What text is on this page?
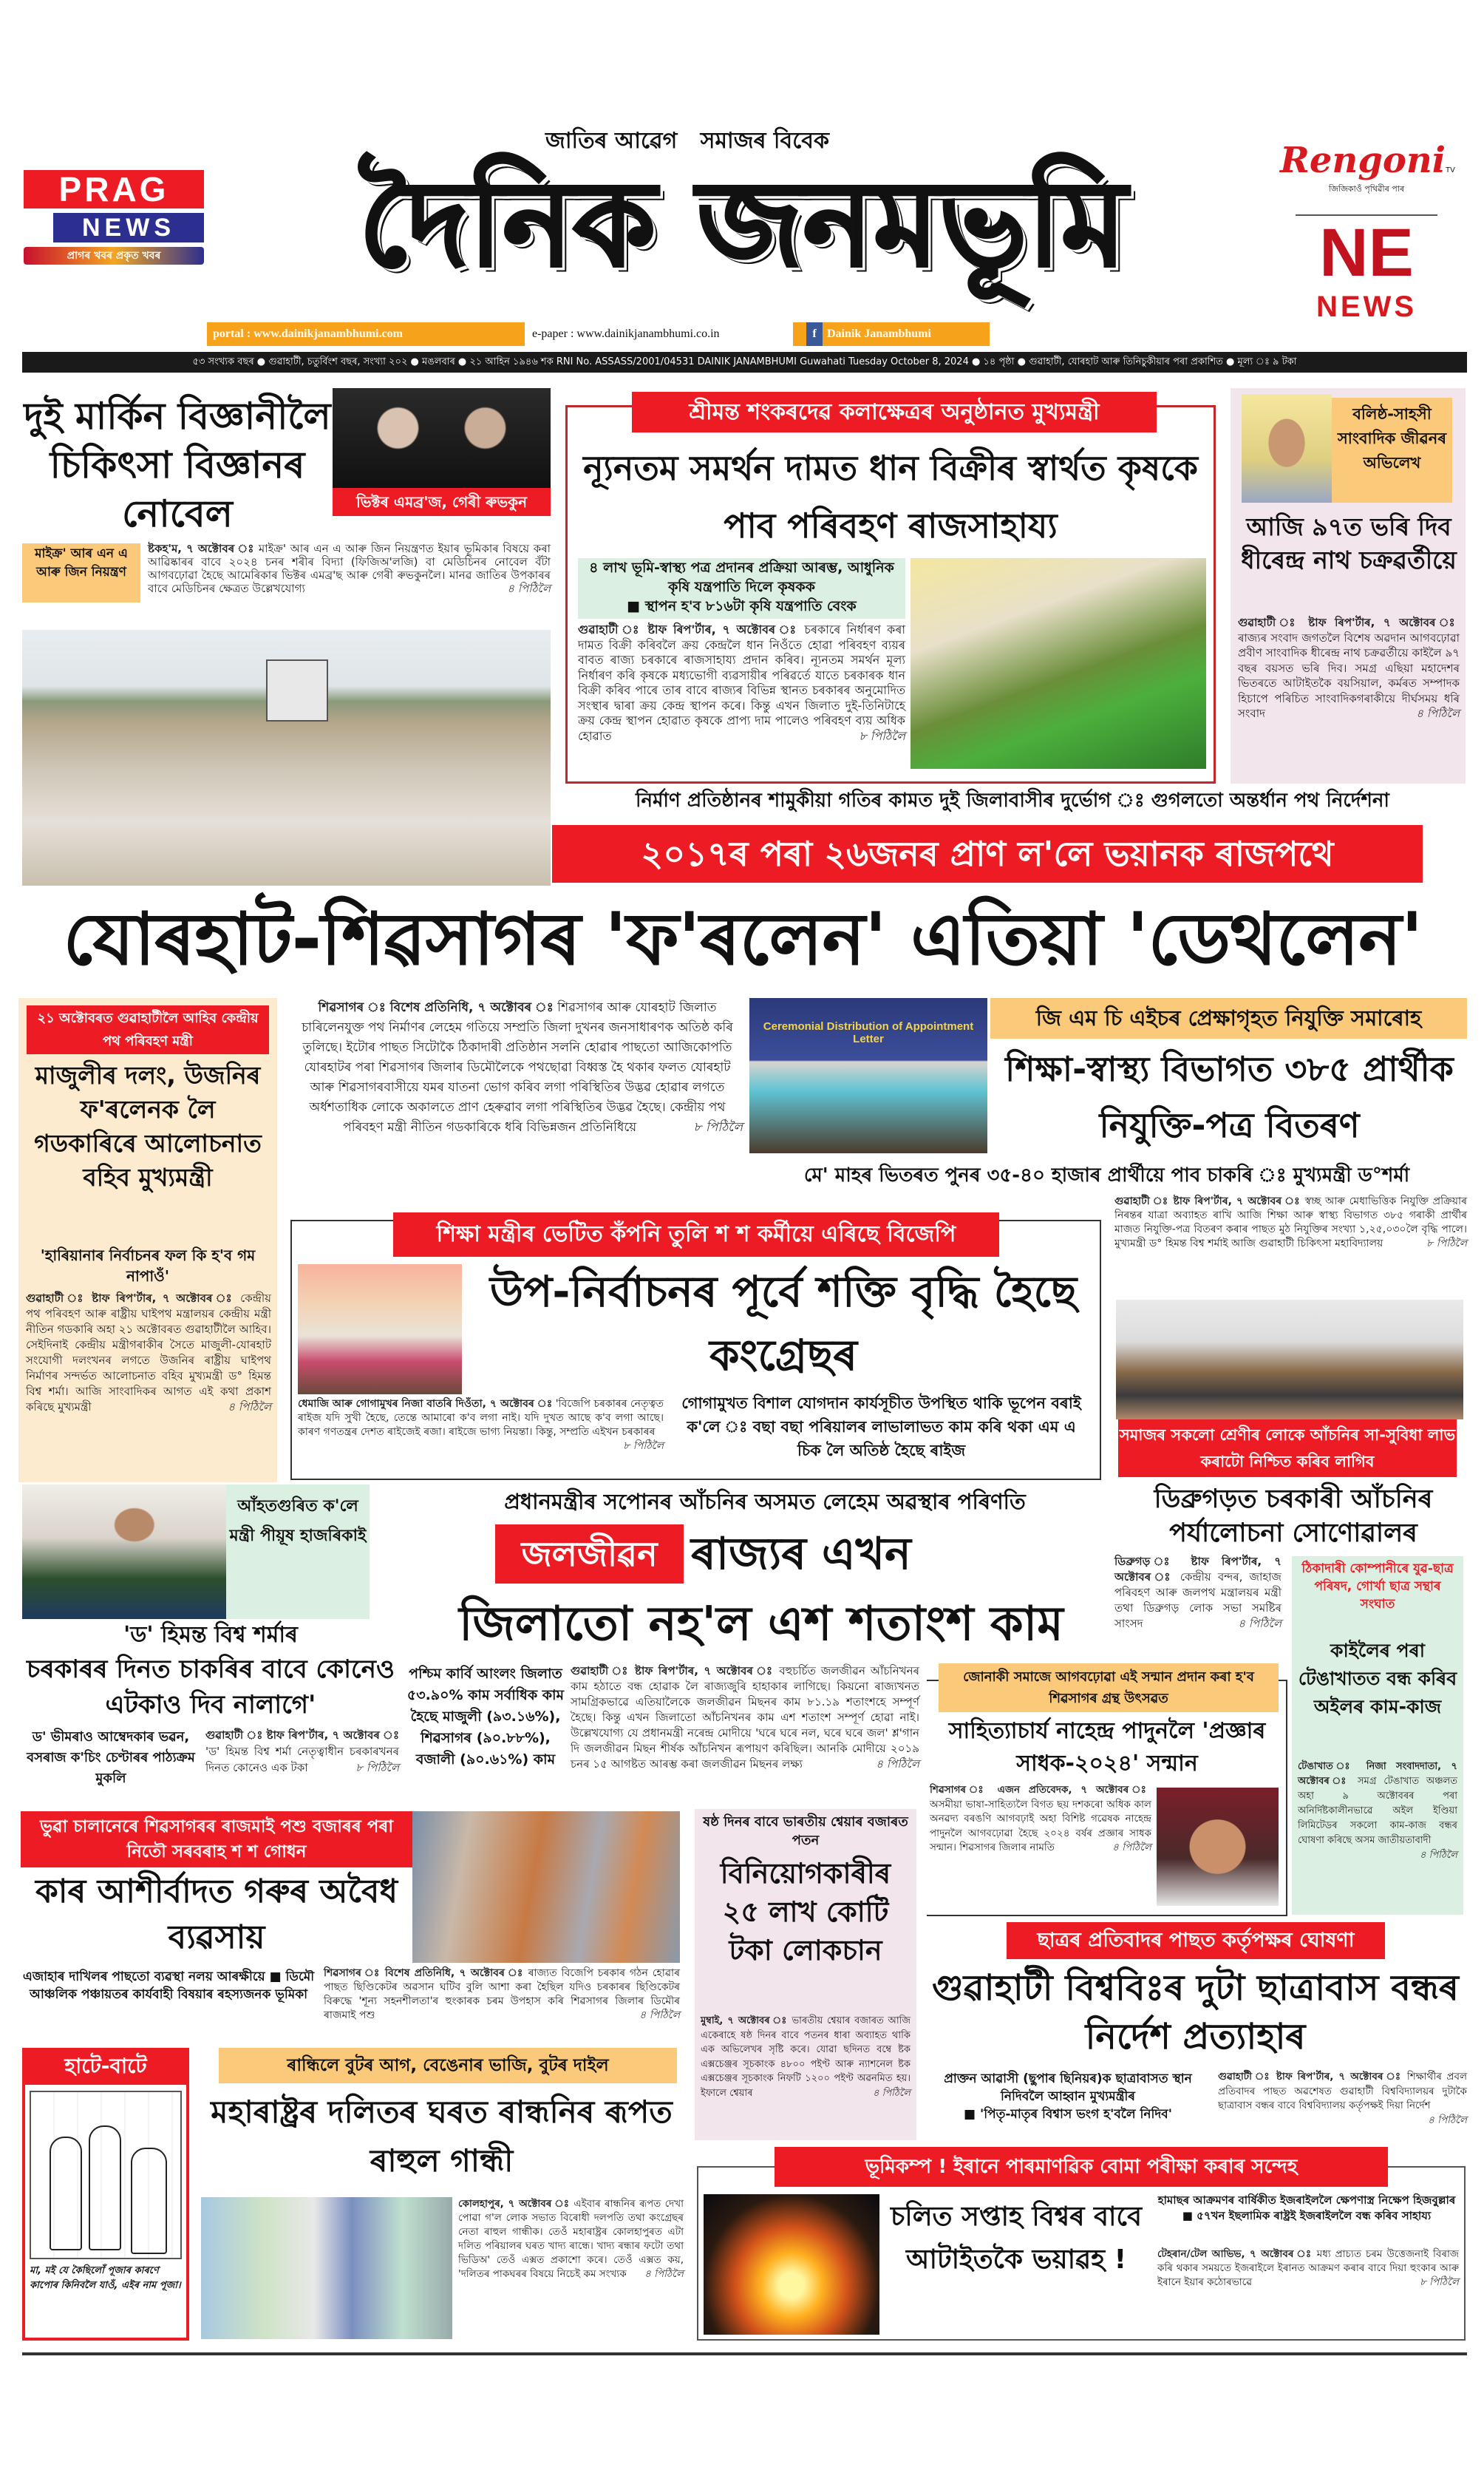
PRAG
NEWS
প্ৰাগৰ খবৰ প্ৰকৃত খবৰ
জাতিৰ আৱেগ   সমাজৰ বিবেক
দৈনিক জনমভূমি
portal : www.dainikjanambhumi.com	e-paper : www.dainikjanambhumi.co.in	f Dainik Janambhumi
RengoniTV
জিজিকাওঁ পৃথিৱীৰ পাৰ
NE
NEWS
৫৩ সংখ্যক বছৰ ● গুৱাহাটী, চতুৰ্বিংশ বছৰ, সংখ্যা ২০২ ● মঙলবাৰ ● ২১ আহিন ১৯৪৬ শক RNI No. ASSASS/2001/04531 DAINIK JANAMBHUMI Guwahati Tuesday October 8, 2024 ● ১৪ পৃষ্ঠা ● গুৱাহাটী, যোৰহাট আৰু তিনিচুকীয়াৰ পৰা প্ৰকাশিত ● মূল্য ঃ ৯ টকা
দুই মাৰ্কিন বিজ্ঞানীলৈ চিকিৎসা বিজ্ঞানৰ নোবেল	ভিক্টৰ এমব্ৰ'জ, গেৰী ৰুভকুন
মাইক্ৰ' আৰ এন এ আৰু জিন নিয়ন্ত্ৰণ
ষ্টকহ'ম, ৭ অক্টোবৰ ঃ মাইক্ৰ' আৰ এন এ আৰু জিন নিয়ন্ত্ৰণত ইয়াৰ ভূমিকাৰ বিষয়ে কৰা আৱিষ্কাৰৰ বাবে ২০২৪ চনৰ শৰীৰ বিদ্যা (ফিজিঅ'লজি) বা মেডিচিনৰ নোবেল বঁটা আগবঢ়োৱা হৈছে আমেৰিকাৰ ভিক্টৰ এমব্ৰ'ছ আৰু গেৰী ৰুভকুনলৈ। মানৱ জাতিৰ উপকাৰৰ বাবে মেডিচিনৰ ক্ষেত্ৰত উল্লেখযোগ্য	৪ পিঠিলৈ
শ্ৰীমন্ত শংকৰদেৱ কলাক্ষেত্ৰৰ অনুষ্ঠানত মুখ্যমন্ত্ৰী
ন্যূনতম সমৰ্থন দামত ধান বিক্ৰীৰ স্বাৰ্থত কৃষকে পাব পৰিবহণ ৰাজসাহায্য
৪ লাখ ভূমি-স্বাস্থ্য পত্ৰ প্ৰদানৰ প্ৰক্ৰিয়া আৰম্ভ, আধুনিক কৃষি যন্ত্ৰপাতি দিলে কৃষকক
■ স্থাপন হ'ব ৮১৬টা কৃষি যন্ত্ৰপাতি বেংক
গুৱাহাটী ঃ ষ্টাফ ৰিপ'ৰ্টাৰ, ৭ অক্টোবৰ ঃ চৰকাৰে নিৰ্ধাৰণ কৰা দামত বিক্ৰী কৰিবলৈ ক্ৰয় কেন্দ্ৰলৈ ধান নিওঁতে হোৱা পৰিবহণ ব্যয়ৰ বাবত ৰাজ্য চৰকাৰে ৰাজসাহায্য প্ৰদান কৰিব। ন্যূনতম সমৰ্থন মূল্য নিৰ্ধাৰণ কৰি কৃষকে মধ্যভোগী ব্যৱসায়ীৰ পৰিৱৰ্তে যাতে চৰকাৰক ধান বিক্ৰী কৰিব পাৰে তাৰ বাবে ৰাজ্যৰ বিভিন্ন স্থানত চৰকাৰৰ অনুমোদিত সংস্থাৰ দ্বাৰা ক্ৰয় কেন্দ্ৰ স্থাপন কৰে। কিন্তু এখন জিলাত দুই-তিনিটাহে ক্ৰয় কেন্দ্ৰ স্থাপন হোৱাত কৃষকে প্ৰাপ্য দাম পালেও পৰিবহণ ব্যয় অধিক হোৱাত	৮ পিঠিলৈ
বলিষ্ঠ-সাহসী সাংবাদিক জীৱনৰ অভিলেখ
আজি ৯৭ত ভৰি দিব ধীৰেন্দ্ৰ নাথ চক্ৰৱৰ্তীয়ে
গুৱাহাটী ঃ ষ্টাফ ৰিপ'ৰ্টাৰ, ৭ অক্টোবৰ ঃ ৰাজ্যৰ সংবাদ জগতলৈ বিশেষ অৱদান আগবঢ়োৱা প্ৰবীণ সাংবাদিক ধীৰেন্দ্ৰ নাথ চক্ৰৱৰ্তীয়ে কাইলৈ ৯৭ বছৰ বয়সত ভৰি দিব। সমগ্ৰ এছিয়া মহাদেশৰ ভিতৰতে আটাইতকৈ বয়সিয়াল, কৰ্মৰত সম্পাদক হিচাপে পৰিচিত সাংবাদিকগৰাকীয়ে দীৰ্ঘসময় ধৰি সংবাদ	৪ পিঠিলৈ
নিৰ্মাণ প্ৰতিষ্ঠানৰ শামুকীয়া গতিৰ কামত দুই জিলাবাসীৰ দুৰ্ভোগ ঃ গুগলতো অন্তৰ্ধান পথ নিৰ্দেশনা
২০১৭ৰ পৰা ২৬জনৰ প্ৰাণ ল'লে ভয়ানক ৰাজপথে
যোৰহাট-শিৱসাগৰ 'ফ'ৰলেন' এতিয়া 'ডেথলেন'
২১ অক্টোবৰত গুৱাহাটীলৈ আহিব কেন্দ্ৰীয় পথ পৰিবহণ মন্ত্ৰী
মাজুলীৰ দলং, উজনিৰ ফ'ৰলেনক লৈ গডকাৰিৰে আলোচনাত বহিব মুখ্যমন্ত্ৰী
'হাৰিয়ানাৰ নিৰ্বাচনৰ ফল কি হ'ব গম নাপাওঁ'
গুৱাহাটী ঃ ষ্টাফ ৰিপ'ৰ্টাৰ, ৭ অক্টোবৰ ঃ কেন্দ্ৰীয় পথ পৰিবহণ আৰু ৰাষ্ট্ৰীয় ঘাইপথ মন্ত্ৰালয়ৰ কেন্দ্ৰীয় মন্ত্ৰী নীতিন গডকাৰি অহা ২১ অক্টোবৰত গুৱাহাটীলৈ আহিব। সেইদিনাই কেন্দ্ৰীয় মন্ত্ৰীগৰাকীৰ সৈতে মাজুলী-যোৰহাট সংযোগী দলংখনৰ লগতে উজনিৰ ৰাষ্ট্ৰীয় ঘাইপথ নিৰ্মাণৰ সন্দৰ্ভত আলোচনাত বহিব মুখ্যমন্ত্ৰী ড° হিমন্ত বিশ্ব শৰ্মা। আজি সাংবাদিকৰ আগত এই কথা প্ৰকাশ কৰিছে মুখ্যমন্ত্ৰী	৪ পিঠিলৈ
শিৱসাগৰ ঃ বিশেষ প্ৰতিনিধি, ৭ অক্টোবৰ ঃ শিৱসাগৰ আৰু যোৰহাট জিলাত চাৰিলেনযুক্ত পথ নিৰ্মাণৰ লেহেম গতিয়ে সম্প্ৰতি জিলা দুখনৰ জনসাধাৰণক অতিষ্ঠ কৰি তুলিছে। ইটোৰ পাছত সিটোকৈ ঠিকাদাৰী প্ৰতিষ্ঠান সলনি হোৱাৰ পাছতো আজিকোপতি যোৰহাটৰ পৰা শিৱসাগৰ জিলাৰ ডিমৌলৈকে পথছোৱা বিধ্বস্ত হৈ থকাৰ ফলত যোৰহাট আৰু শিৱসাগৰবাসীয়ে যমৰ যাতনা ভোগ কৰিব লগা পৰিস্থিতিৰ উদ্ভৱ হোৱাৰ লগতে অৰ্ধশতাধিক লোকে অকালতে প্ৰাণ হেৰুৱাব লগা পৰিস্থিতিৰ উদ্ভৱ হৈছে। কেন্দ্ৰীয় পথ পৰিবহণ মন্ত্ৰী নীতিন গডকাৰিকে ধৰি বিভিন্নজন প্ৰতিনিধিয়ে	৮ পিঠিলৈ
Ceremonial Distribution of Appointment Letter
জি এম চি এইচৰ প্ৰেক্ষাগৃহত নিযুক্তি সমাৰোহ
শিক্ষা-স্বাস্থ্য বিভাগত ৩৮৫ প্ৰাৰ্থীক নিযুক্তি-পত্ৰ বিতৰণ
মে' মাহৰ ভিতৰত পুনৰ ৩৫-৪০ হাজাৰ প্ৰাৰ্থীয়ে পাব চাকৰি ঃ মুখ্যমন্ত্ৰী ড°শৰ্মা
গুৱাহাটী ঃ ষ্টাফ ৰিপ'ৰ্টাৰ, ৭ অক্টোবৰ ঃ স্বচ্ছ আৰু মেধাভিত্তিক নিযুক্তি প্ৰক্ৰিয়াৰ নিৰন্তৰ যাত্ৰা অব্যাহত ৰাখি আজি শিক্ষা আৰু স্বাস্থ্য বিভাগত ৩৮৫ গৰাকী প্ৰাৰ্থীৰ মাজত নিযুক্তি-পত্ৰ বিতৰণ কৰাৰ পাছত মুঠ নিযুক্তিৰ সংখ্যা ১,২৫,০৩০লৈ বৃদ্ধি পালে। মুখ্যমন্ত্ৰী ড° হিমন্ত বিশ্ব শৰ্মাই আজি গুৱাহাটী চিকিৎসা মহাবিদ্যালয়	৮ পিঠিলৈ
শিক্ষা মন্ত্ৰীৰ ভেটিত কঁপনি তুলি শ শ কৰ্মীয়ে এৰিছে বিজেপি
উপ-নিৰ্বাচনৰ পূৰ্বে শক্তি বৃদ্ধি হৈছে কংগ্ৰেছৰ
ধেমাজি আৰু গোগামুখৰ নিজা বাতৰি দিওঁতা, ৭ অক্টোবৰ ঃ 'বিজেপি চৰকাৰৰ নেতৃত্বত ৰাইজ যদি সুখী হৈছে, তেন্তে আমাৰো ক'ব লগা নাই। যদি দুখত আছে ক'ব লগা আছে। কাৰণ গণতন্ত্ৰৰ দেশত ৰাইজেই ৰজা। ৰাইজে ভাগ্য নিয়ন্তা। কিন্তু, সম্প্ৰতি এইখন চৰকাৰৰ
৮ পিঠিলৈ
গোগামুখত বিশাল যোগদান কাৰ্যসূচীত উপস্থিত থাকি ভূপেন বৰাই ক'লে ঃ বছা বছা পৰিয়ালৰ লাভালাভত কাম কৰি থকা এম এ চিক লৈ অতিষ্ঠ হৈছে ৰাইজ
সমাজৰ সকলো শ্ৰেণীৰ লোকে আঁচনিৰ সা-সুবিধা লাভ কৰাটো নিশ্চিত কৰিব লাগিব
আঁহতগুৰিত ক'লে মন্ত্ৰী পীয়ূষ হাজৰিকাই
'ড' হিমন্ত বিশ্ব শৰ্মাৰ
চৰকাৰৰ দিনত চাকৰিৰ বাবে কোনেও এটকাও দিব নালাগে'
ড' ভীমৰাও আম্বেদকাৰ ভৱন, বসৰাজ ক'চিং চেণ্টাৰৰ পাঠ্যক্ৰম মুকলি
গুৱাহাটী ঃ ষ্টাফ ৰিপ'ৰ্টাৰ, ৭ অক্টোবৰ ঃ 'ড' হিমন্ত বিশ্ব শৰ্মা নেতৃত্বাধীন চৰকাৰখনৰ দিনত কোনেও এক টকা	৮ পিঠিলৈ
প্ৰধানমন্ত্ৰীৰ সপোনৰ আঁচনিৰ অসমত লেহেম অৱস্থাৰ পৰিণতি
জলজীৱন ৰাজ্যৰ এখন
জিলাতো নহ'ল এশ শতাংশ কাম
পশ্চিম কাৰ্বি আংলং জিলাত ৫৩.৯০% কাম সৰ্বাধিক কাম হৈছে মাজুলী (৯৩.১৬%), শিৱসাগৰ (৯০.৮৮%), বজালী (৯০.৬১%) কাম
গুৱাহাটী ঃ ষ্টাফ ৰিপ'ৰ্টাৰ, ৭ অক্টোবৰ ঃ বহুচৰ্চিত জলজীৱন আঁচনিখনৰ কাম হঠাতে বন্ধ হোৱাক লৈ ৰাজ্যজুৰি হাহাকাৰ লাগিছে। কিয়নো ৰাজ্যখনত সামগ্ৰিকভাৱে এতিয়ালৈকে জলজীৱন মিছনৰ কাম ৮১.১৯ শতাংশহে সম্পূৰ্ণ হৈছে। কিন্তু এখন জিলাতো আঁচনিখনৰ কাম এশ শতাংশ সম্পূৰ্ণ হোৱা নাই। উল্লেখযোগ্য যে প্ৰধানমন্ত্ৰী নৰেন্দ্ৰ মোদীয়ে 'ঘৰে ঘৰে নল, ঘৰে ঘৰে জল' শ্ল'গান দি জলজীৱন মিছন শীৰ্ষক আঁচনিখন ৰূপায়ণ কৰিছিল। আনকি মোদীয়ে ২০১৯ চনৰ ১৫ আগষ্টত আৰম্ভ কৰা জলজীৱন মিছনৰ লক্ষ্য	৪ পিঠিলৈ
ডিব্ৰুগড়ত চৰকাৰী আঁচনিৰ পৰ্যালোচনা সোণোৱালৰ
ডিব্ৰুগড় ঃ ষ্টাফ ৰিপ'ৰ্টাৰ, ৭ অক্টোবৰ ঃ কেন্দ্ৰীয় বন্দৰ, জাহাজ পৰিবহণ আৰু জলপথ মন্ত্ৰালয়ৰ মন্ত্ৰী তথা ডিব্ৰুগড় লোক সভা সমষ্টিৰ সাংসদ	৪ পিঠিলৈ
ঠিকাদাৰী কোম্পানীৰে যুৱ-ছাত্ৰ পৰিষদ, গোৰ্খা ছাত্ৰ সন্থাৰ সংঘাত
কাইলৈৰ পৰা টেঙাখাতত বন্ধ কৰিব অইলৰ কাম-কাজ
টেঙাখাত ঃ নিজা সংবাদদাতা, ৭ অক্টোবৰ ঃ সমগ্ৰ টেঙাখাত অঞ্চলত অহা ৯ অক্টোবৰৰ পৰা অনিৰ্দিষ্টকালীনভাৱে অইল ইণ্ডিয়া লিমিটেডৰ সকলো কাম-কাজ বন্ধৰ ঘোষণা কৰিছে অসম জাতীয়তাবাদী
৪ পিঠিলৈ
জোনাকী সমাজে আগবঢ়োৱা এই সন্মান প্ৰদান কৰা হ'ব শিৱসাগৰ গ্ৰন্থ উৎসৱত
সাহিত্যাচাৰ্য নাহেন্দ্ৰ পাদুনলৈ 'প্ৰজ্ঞাৰ সাধক-২০২৪' সন্মান
শিৱসাগৰ ঃ এজন প্ৰতিবেদক, ৭ অক্টোবৰ ঃ অসমীয়া ভাষা-সাহিত্যলৈ বিগত ছয় দশকৰো অধিক কাল অনৱদ্য বৰঙণি আগবঢ়াই অহা বিশিষ্ট গৱেষক নাহেন্দ্ৰ পাদুনলৈ আগবঢ়োৱা হৈছে ২০২৪ বৰ্ষৰ প্ৰজ্ঞাৰ সাধক সন্মান। শিৱসাগৰ জিলাৰ নামতি	৪ পিঠিলৈ
ভুৱা চালানেৰে শিৱসাগৰৰ ৰাজমাই পশু বজাৰৰ পৰা নিতৌ সৰবৰাহ শ শ গোধন
কাৰ আশীৰ্বাদত গৰুৰ অবৈধ ব্যৱসায়
এজাহাৰ দাখিলৰ পাছতো ব্যৱস্থা নলয় আৰক্ষীয়ে ■ ডিমৌ আঞ্চলিক পঞ্চায়তৰ কাৰ্যবাহী বিষয়াৰ ৰহস্যজনক ভূমিকা
শিৱসাগৰ ঃ বিশেষ প্ৰতিনিধি, ৭ অক্টোবৰ ঃ ৰাজ্যত বিজেপি চৰকাৰ গঠন হোৱাৰ পাছত ছিণ্ডিকেটৰ অৱসান ঘটিব বুলি আশা কৰা হৈছিল যদিও চৰকাৰৰ ছিণ্ডিকেটৰ বিৰুদ্ধে 'শূন্য সহনশীলতা'ৰ হুংকাৰক চৰম উপহাস কৰি শিৱসাগৰ জিলাৰ ডিমৌৰ ৰাজমাই পশু	৪ পিঠিলৈ
ষষ্ঠ দিনৰ বাবে ভাৰতীয় শ্বেয়াৰ বজাৰত পতন
বিনিয়োগকাৰীৰ ২৫ লাখ কোটি টকা লোকচান
মুম্বাই, ৭ অক্টোবৰ ঃ ভাৰতীয় শ্বেয়াৰ বজাৰত আজি একেৰাহে ষষ্ঠ দিনৰ বাবে পতনৰ ধাৰা অব্যাহত থাকি এক অভিলেখৰ সৃষ্টি কৰে। যোৱা ছদিনত বম্বে ষ্টক এক্সচেঞ্জৰ সূচকাংক ৪৮০০ পইণ্ট আৰু ন্যাশনেল ষ্টক এক্সচেঞ্জৰ সূচকাংক নিফটি ১২০০ পইণ্ট অৱনমিত হয়। ইফালে শ্বেয়াৰ	৪ পিঠিলৈ
ছাত্ৰৰ প্ৰতিবাদৰ পাছত কৰ্তৃপক্ষৰ ঘোষণা
গুৱাহাটী বিশ্ববিঃৰ দুটা ছাত্ৰাবাস বন্ধৰ নিৰ্দেশ প্ৰত্যাহাৰ
প্ৰাক্তন আৱাসী (ছুপাৰ ছিনিয়ৰ)ক ছাত্ৰাবাসত স্থান নিদিবলৈ আহ্বান মুখ্যমন্ত্ৰীৰ
■ 'পিতৃ-মাতৃৰ বিশ্বাস ভংগ হ'বলৈ নিদিব'
গুৱাহাটী ঃ ষ্টাফ ৰিপ'ৰ্টাৰ, ৭ অক্টোবৰ ঃ শিক্ষাৰ্থীৰ প্ৰবল প্ৰতিবাদৰ পাছত অৱশেষত গুৱাহাটী বিশ্ববিদ্যালয়ৰ দুটাকৈ ছাত্ৰাবাস বন্ধৰ বাবে বিশ্ববিদ্যালয় কৰ্তৃপক্ষই দিয়া নিৰ্দেশ
৪ পিঠিলৈ
হাটে-বাটে
মা, মই যে কৈছিলোঁ পূজাৰ কাৰণে কাপোৰ কিনিবলৈ যাওঁ, এইৰ নাম পূজা।
ৰান্ধিলে বুটৰ আগ, বেঙেনাৰ ভাজি, বুটৰ দাইল
মহাৰাষ্ট্ৰৰ দলিতৰ ঘৰত ৰান্ধনিৰ ৰূপত ৰাহুল গান্ধী
কোলহাপুৰ, ৭ অক্টোবৰ ঃ এইবাৰ ৰান্ধনিৰ ৰূপত দেখা পোৱা গ'ল লোক সভাত বিৰোধী দলপতি তথা কংগ্ৰেছৰ নেতা ৰাহুল গান্ধীক। তেওঁ মহাৰাষ্ট্ৰৰ কোলহাপুৰত এটা দলিত পৰিয়ালৰ ঘৰত খাদ্য ৰান্ধে। খাদ্য ৰন্ধাৰ ফটো তথা ভিডিঅ' তেওঁ এক্সত প্ৰকাশো কৰে। তেওঁ এক্সত কয়, 'দলিতৰ পাকঘৰৰ বিষয়ে নিচেই কম সংখ্যক ৪ পিঠিলৈ
ভূমিকম্প ! ইৰানে পাৰমাণৱিক বোমা পৰীক্ষা কৰাৰ সন্দেহ
চলিত সপ্তাহ বিশ্বৰ বাবে আটাইতকৈ ভয়াৱহ !
হামাছৰ আক্ৰমণৰ বাৰ্ষিকীত ইজৰাইললৈ ক্ষেপণাস্ত্ৰ নিক্ষেপ হিজবুল্লাৰ ■ ৫৭খন ইছলামিক ৰাষ্ট্ৰই ইজৰাইললৈ বন্ধ কৰিব সাহায্য
টেহৰান/টেল আভিভ, ৭ অক্টোবৰ ঃ মধ্য প্ৰাচ্যত চৰম উত্তেজনাই বিৰাজ কৰি থকাৰ সময়তে ইজৰাইলে ইৰানত আক্ৰমণ কৰাৰ বাবে দিয়া হুংকাৰ আৰু ইৰানে ইয়াৰ কঠোৰভাৱে	৮ পিঠিলৈ
